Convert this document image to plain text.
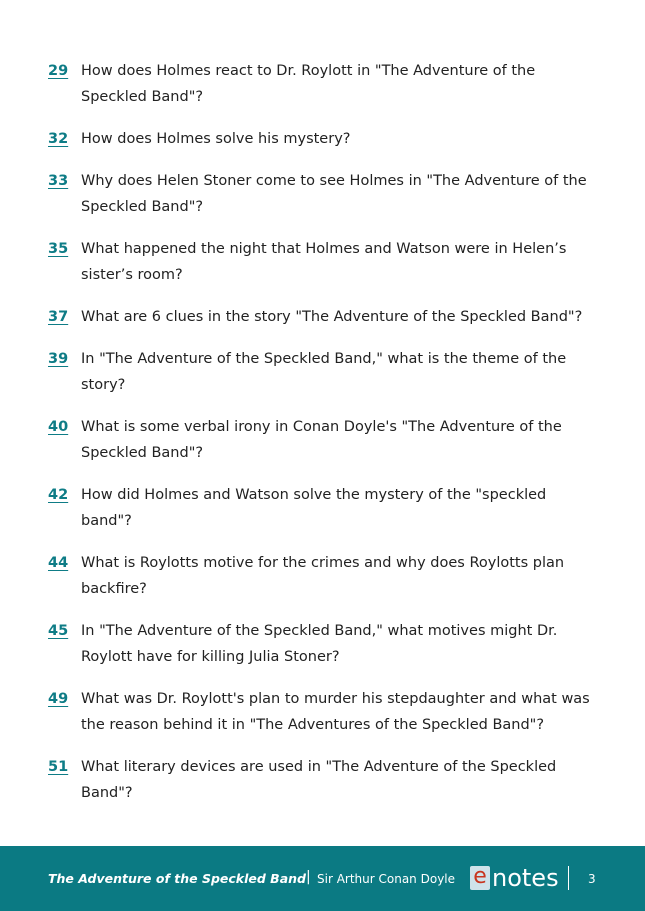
29 How does Holmes react to Dr. Roylott in "The Adventure of the Speckled Band"?
32 How does Holmes solve his mystery?
33 Why does Helen Stoner come to see Holmes in "The Adventure of the Speckled Band"?
35 What happened the night that Holmes and Watson were in Helen’s sister’s room?
37 What are 6 clues in the story "The Adventure of the Speckled Band"?
39 In "The Adventure of the Speckled Band," what is the theme of the story?
40 What is some verbal irony in Conan Doyle's "The Adventure of the Speckled Band"?
42 How did Holmes and Watson solve the mystery of the "speckled band"?
44 What is Roylotts motive for the crimes and why does Roylotts plan backfire?
45 In "The Adventure of the Speckled Band," what motives might Dr. Roylott have for killing Julia Stoner?
49 What was Dr. Roylott's plan to murder his stepdaughter and what was the reason behind it in "The Adventures of the Speckled Band"?
51 What literary devices are used in "The Adventure of the Speckled Band"?
The Adventure of the Speckled Band | Sir Arthur Conan Doyle e notes 3
